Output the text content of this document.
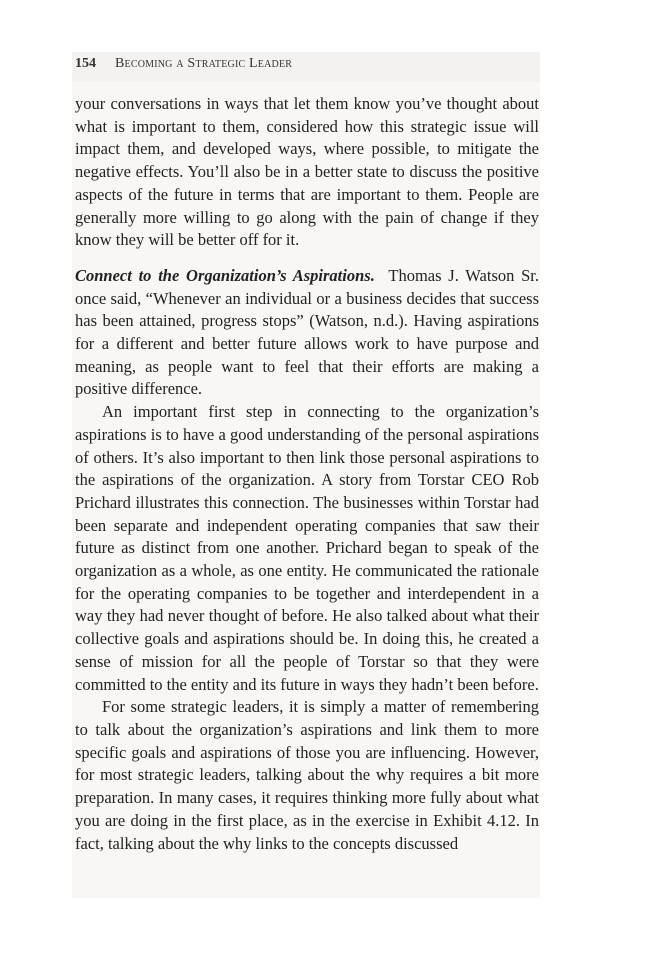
154 Becoming a Strategic Leader

your conversations in ways that let them know you’ve thought about what is important to them, considered how this strategic issue will impact them, and developed ways, where possible, to mitigate the negative effects. You’ll also be in a better state to discuss the positive aspects of the future in terms that are important to them. People are generally more willing to go along with the pain of change if they know they will be better off for it.

Connect to the Organization’s Aspirations. Thomas J. Watson Sr. once said, “Whenever an individual or a business decides that success has been attained, progress stops” (Watson, n.d.). Having aspirations for a different and better future allows work to have purpose and meaning, as people want to feel that their efforts are making a positive difference.

An important first step in connecting to the organization’s aspirations is to have a good understanding of the personal aspirations of others. It’s also important to then link those personal aspirations to the aspirations of the organization. A story from Torstar CEO Rob Prichard illustrates this connection. The businesses within Torstar had been separate and independent operating companies that saw their future as distinct from one another. Prichard began to speak of the organization as a whole, as one entity. He communicated the rationale for the operating companies to be together and interdependent in a way they had never thought of before. He also talked about what their collective goals and aspirations should be. In doing this, he created a sense of mission for all the people of Torstar so that they were committed to the entity and its future in ways they hadn’t been before.

For some strategic leaders, it is simply a matter of remembering to talk about the organization’s aspirations and link them to more specific goals and aspirations of those you are influencing. However, for most strategic leaders, talking about the why requires a bit more preparation. In many cases, it requires thinking more fully about what you are doing in the first place, as in the exercise in Exhibit 4.12. In fact, talking about the why links to the concepts discussed
